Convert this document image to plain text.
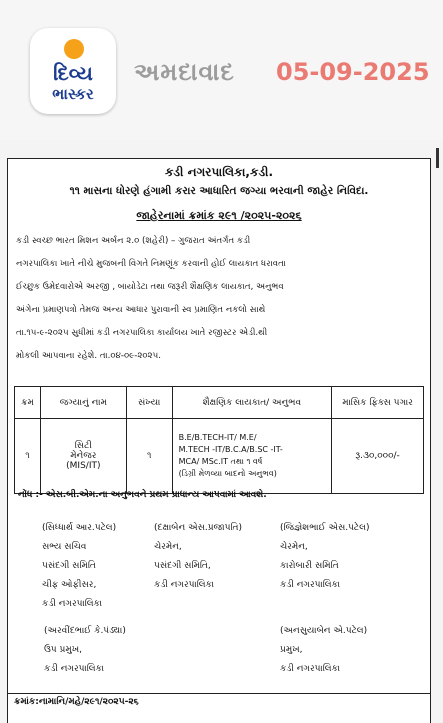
દિવ્ય
ભાસ્કર
અમદાવાદ 05-09-2025
કડી નગરપાલિકા,કડી.
૧૧ માસના ધોરણે હંગામી કરાર આધારિત જગ્યા ભરવાની જાહેર નિવિદા.
જાહેરનામાં ક્રમાંક ૨૯૧ /૨૦૨૫-૨૦૨૬
કડી સ્વચ્છ ભારત મિશન અર્બન ૨.૦ (શહેરી) – ગુજરાત અંતર્ગત કડી
નગરપાલિકા ખાતે નીચે મુજબની વિગતે નિમણૂંક કરવાની હોઈ લાયકાત ધરાવતા
ઈચ્છુક ઉમેદવારોએ અરજી , બાયોડેટા તથા જરૂરી શૈક્ષણિક લાયકાત, અનુભવ
અંગેના પ્રમાણપત્રો તેમજ અન્ય આધાર પુરાવાની સ્વ પ્રમાણિત નકલો સાથે
તા.૧૫-૯-૨૦૨૫ સુધીમાં કડી નગરપાલિકા કાર્યાલય ખાતે રજીસ્ટર એડી.થી
મોકલી આપવાના રહેશે. તા.૦૪-૦૯-૨૦૨૫.
ક્રમ	જગ્યાનું નામ	સંખ્યા	શૈક્ષણિક લાયકાત/ અનુભવ	માસિક ફિક્સ પગાર
૧	સિટી
મેનેજર
(MIS/IT)	૧	B.E/B.TECH-IT/ M.E/
M.TECH -IT/B.C.A/B.SC -IT-
MCA/ MSc.IT તથા ૧ વર્ષ
(ડિગ્રી મેળવ્યા બાદનો અનુભવ)	રૂ.૩૦,૦૦૦/-
નોંધ :- એસ.બી.એમ.ના અનુભવને પ્રથમ પ્રાધાન્ય આપવામાં આવશે.
(સિધ્ધાર્થ આર.પટેલ)
સભ્ય સચિવ
પસંદગી સમિતિ
ચીફ ઓફીસર,
કડી નગરપાલિકા
(દક્ષાબેન એસ.પ્રજાપતિ)
ચેરમેન,
પસંદગી સમિતિ,
કડી નગરપાલિકા
(જિજ્ઞેશભાઈ એસ.પટેલ)
ચેરમેન,
કારોબારી સમિતિ
કડી નગરપાલિકા
(અરવીંદભાઈ કે.પંડ્યા)
ઉપ પ્રમુખ,
કડી નગરપાલિકા
(અનસુયાબેન એ.પટેલ)
પ્રમુખ,
કડી નગરપાલિકા
ક્રમાંક:નામાનિ/મહે/૨૯૧/૨૦૨૫-૨૬
